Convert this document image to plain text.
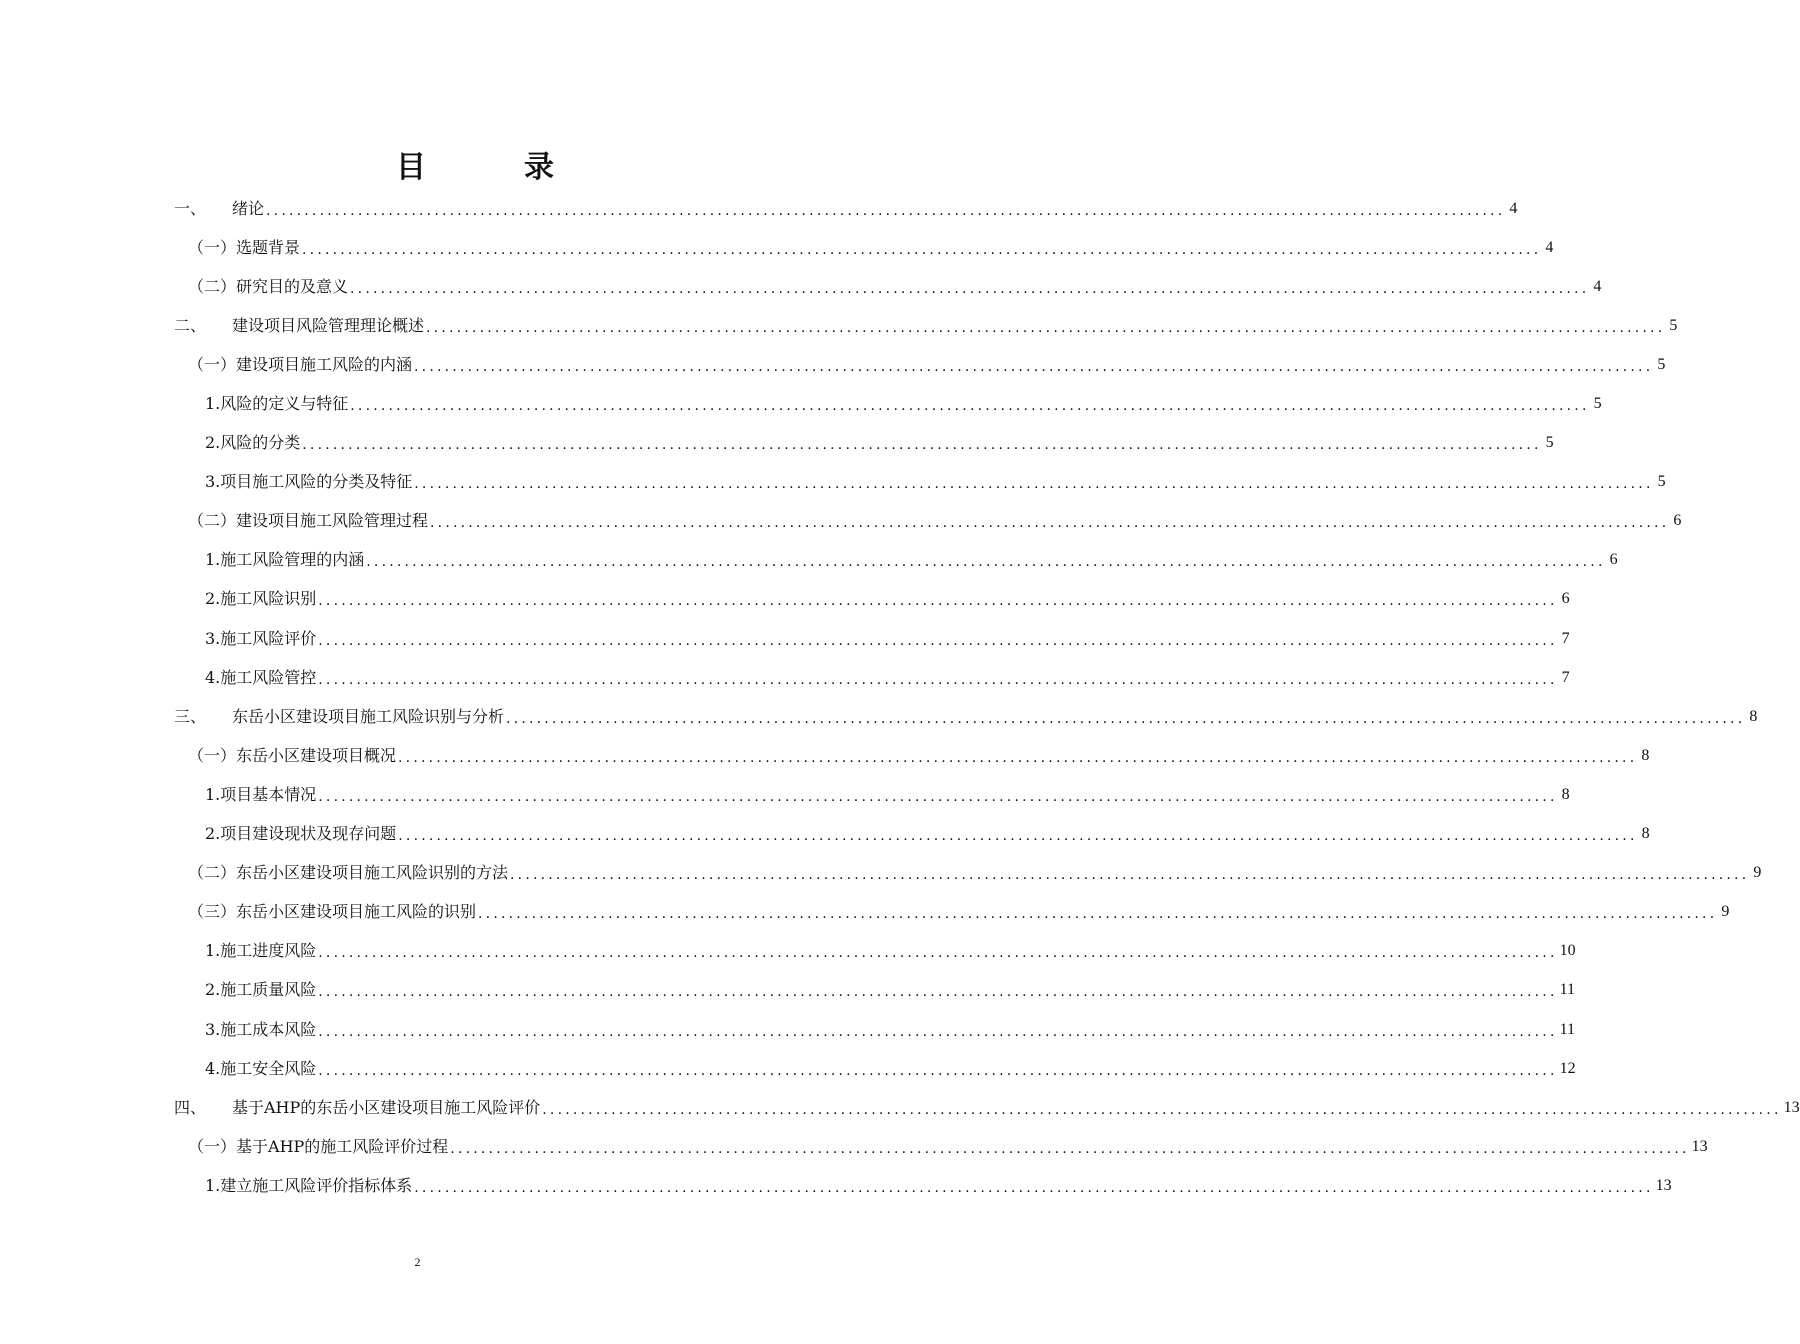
目　录
一、	绪论 .................................................................................................................................................................. 4
（一） 选题背景 .................................................................................................................................................................. 4
（二） 研究目的及意义 .................................................................................................................................................................. 4
二、	建设项目风险管理理论概述 .................................................................................................................................................................. 5
（一） 建设项目施工风险的内涵 .................................................................................................................................................................. 5
1. 风险的定义与特征 .................................................................................................................................................................. 5
2. 风险的分类 .................................................................................................................................................................. 5
3. 项目施工风险的分类及特征 .................................................................................................................................................................. 5
（二） 建设项目施工风险管理过程 .................................................................................................................................................................. 6
1. 施工风险管理的内涵 .................................................................................................................................................................. 6
2. 施工风险识别 .................................................................................................................................................................. 6
3. 施工风险评价 .................................................................................................................................................................. 7
4. 施工风险管控 .................................................................................................................................................................. 7
三、	东岳小区建设项目施工风险识别与分析 .................................................................................................................................................................. 8
（一） 东岳小区建设项目概况 .................................................................................................................................................................. 8
1. 项目基本情况 .................................................................................................................................................................. 8
2. 项目建设现状及现存问题 .................................................................................................................................................................. 8
（二） 东岳小区建设项目施工风险识别的方法 .................................................................................................................................................................. 9
（三） 东岳小区建设项目施工风险的识别 .................................................................................................................................................................. 9
1. 施工进度风险 .................................................................................................................................................................. 10
2. 施工质量风险 .................................................................................................................................................................. 11
3. 施工成本风险 .................................................................................................................................................................. 11
4. 施工安全风险 .................................................................................................................................................................. 12
四、	基于AHP的东岳小区建设项目施工风险评价 .................................................................................................................................................................. 13
（一） 基于AHP的施工风险评价过程 .................................................................................................................................................................. 13
1. 建立施工风险评价指标体系 .................................................................................................................................................................. 13
2
